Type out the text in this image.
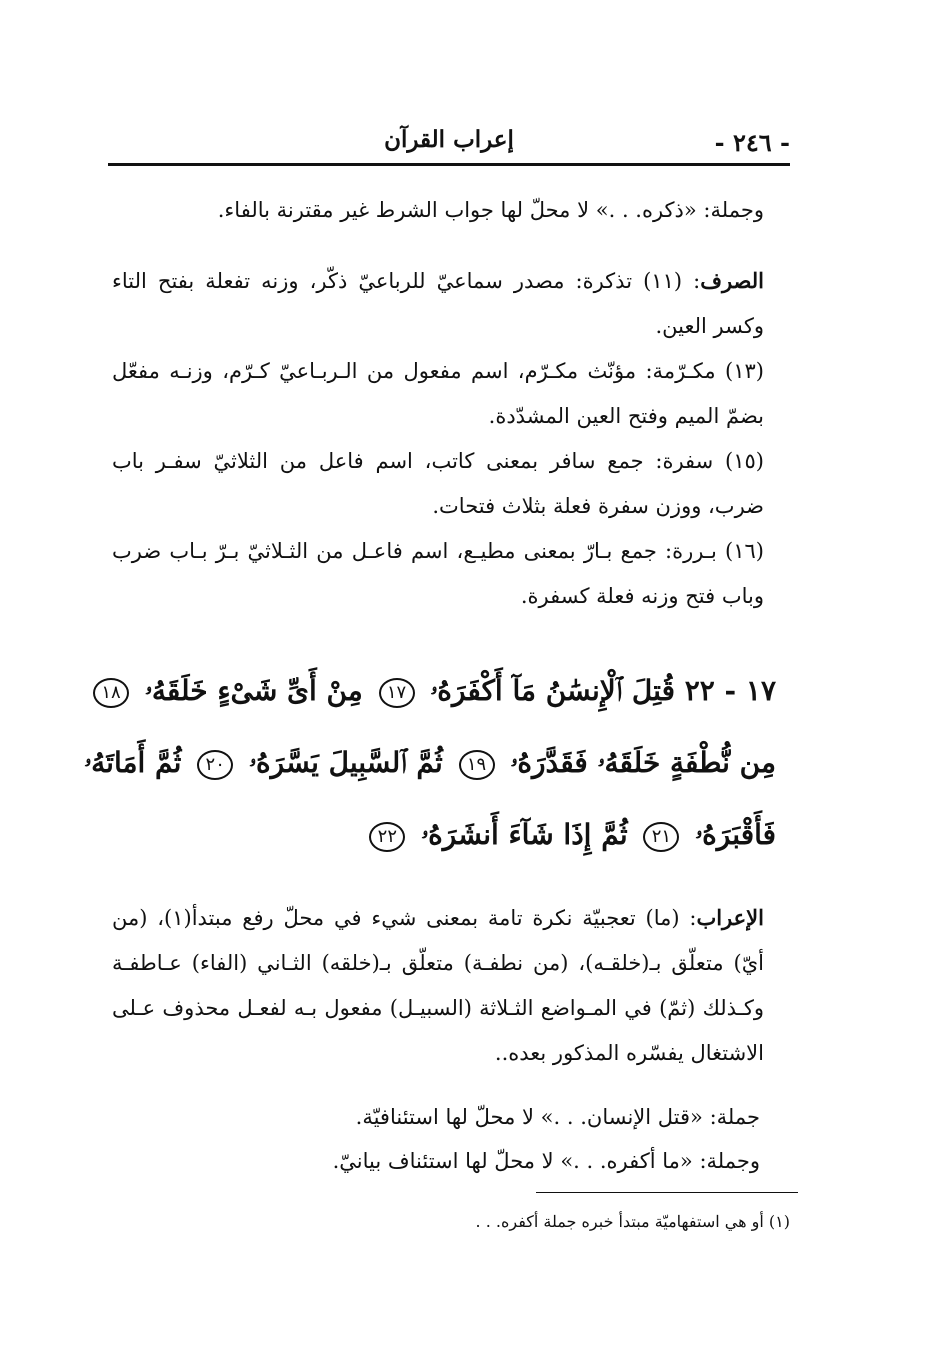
- ٢٤٦ -
إعراب القرآن

وجملة: «ذكره. . .» لا محلّ لها جواب الشرط غير مقترنة بالفاء.

الصرف: (١١) تذكرة: مصدر سماعيّ للرباعيّ ذكّر، وزنه تفعلة بفتح التاء وكسر العين.

(١٣) مكـرّمة: مؤنّث مكـرّم، اسم مفعول من الـربـاعيّ كـرّم، وزنـه مفعّل بضمّ الميم وفتح العين المشدّدة.

(١٥) سفرة: جمع سافر بمعنى كاتب، اسم فاعل من الثلاثيّ سفـر باب ضرب، ووزن سفرة فعلة بثلاث فتحات.

(١٦) بـررة: جمع بـارّ بمعنى مطيـع، اسم فاعـل من الثـلاثيّ بـرّ بـاب ضرب وباب فتح وزنه فعلة كسفرة.

١٧ - ٢٢ قُتِلَ ٱلْإِنسَٰنُ مَآ أَكْفَرَهُۥ ١٧ مِنْ أَىِّ شَىْءٍ خَلَقَهُۥ ١٨
مِن نُّطْفَةٍ خَلَقَهُۥ فَقَدَّرَهُۥ ١٩ ثُمَّ ٱلسَّبِيلَ يَسَّرَهُۥ ٢٠ ثُمَّ أَمَاتَهُۥ
فَأَقْبَرَهُۥ ٢١ ثُمَّ إِذَا شَآءَ أَنشَرَهُۥ ٢٢

الإعراب: (ما) تعجبيّة نكرة تامة بمعنى شيء في محلّ رفع مبتدأ(١)، (من أيّ) متعلّق بـ(خلقـه)، (من نطفـة) متعلّق بـ(خلقه) الثـاني (الفاء) عـاطفـة وكـذلك (ثمّ) في المـواضع الثـلاثة (السبيـل) مفعول بـه لفعـل محذوف عـلى الاشتغال يفسّره المذكور بعده..

جملة: «قتل الإنسان. . .» لا محلّ لها استئنافيّة.

وجملة: «ما أكفره. . .» لا محلّ لها استئناف بيانيّ.

(١) أو هي استفهاميّة مبتدأ خبره جملة أكفره. . .
